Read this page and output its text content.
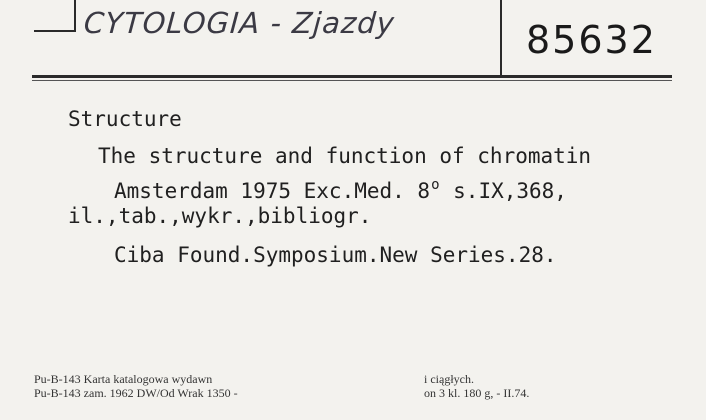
CYTOLOGIA - Zjazdy	85632
Structure
The structure and function of chromatin
Amsterdam 1975 Exc.Med. 8$^o$ s.IX,368,
il.,tab.,wykr.,bibliogr.
Ciba Found.Symposium.New Series.28.
Pu-B-143 Karta katalogowa wydawn
Pu-B-143 zam. 1962 DW/Od Wrak 1350 -
i ciągłych.
on 3 kl. 180 g, - II.74.
